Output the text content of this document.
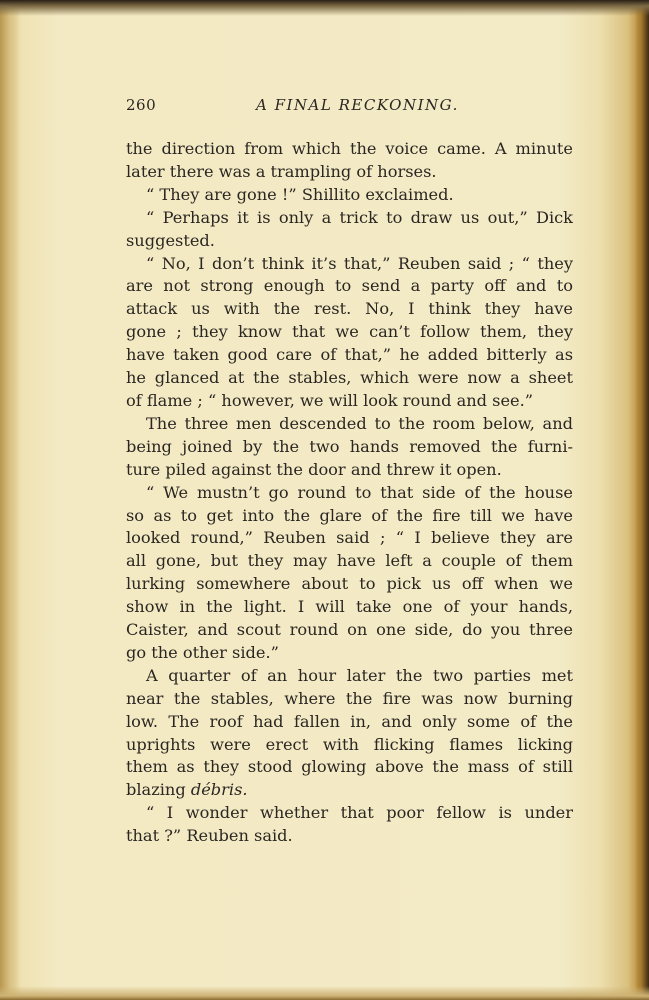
260	A FINAL RECKONING.
the direction from which the voice came. A minute
later there was a trampling of horses.
“ They are gone !” Shillito exclaimed.
“ Perhaps it is only a trick to draw us out,” Dick
suggested.
“ No, I don’t think it’s that,” Reuben said ; “ they
are not strong enough to send a party off and to
attack us with the rest. No, I think they have
gone ; they know that we can’t follow them, they
have taken good care of that,” he added bitterly as
he glanced at the stables, which were now a sheet
of flame ; “ however, we will look round and see.”
The three men descended to the room below, and
being joined by the two hands removed the furni-
ture piled against the door and threw it open.
“ We mustn’t go round to that side of the house
so as to get into the glare of the fire till we have
looked round,” Reuben said ; “ I believe they are
all gone, but they may have left a couple of them
lurking somewhere about to pick us off when we
show in the light. I will take one of your hands,
Caister, and scout round on one side, do you three
go the other side.”
A quarter of an hour later the two parties met
near the stables, where the fire was now burning
low. The roof had fallen in, and only some of the
uprights were erect with flicking flames licking
them as they stood glowing above the mass of still
blazing débris.
“ I wonder whether that poor fellow is under
that ?” Reuben said.
